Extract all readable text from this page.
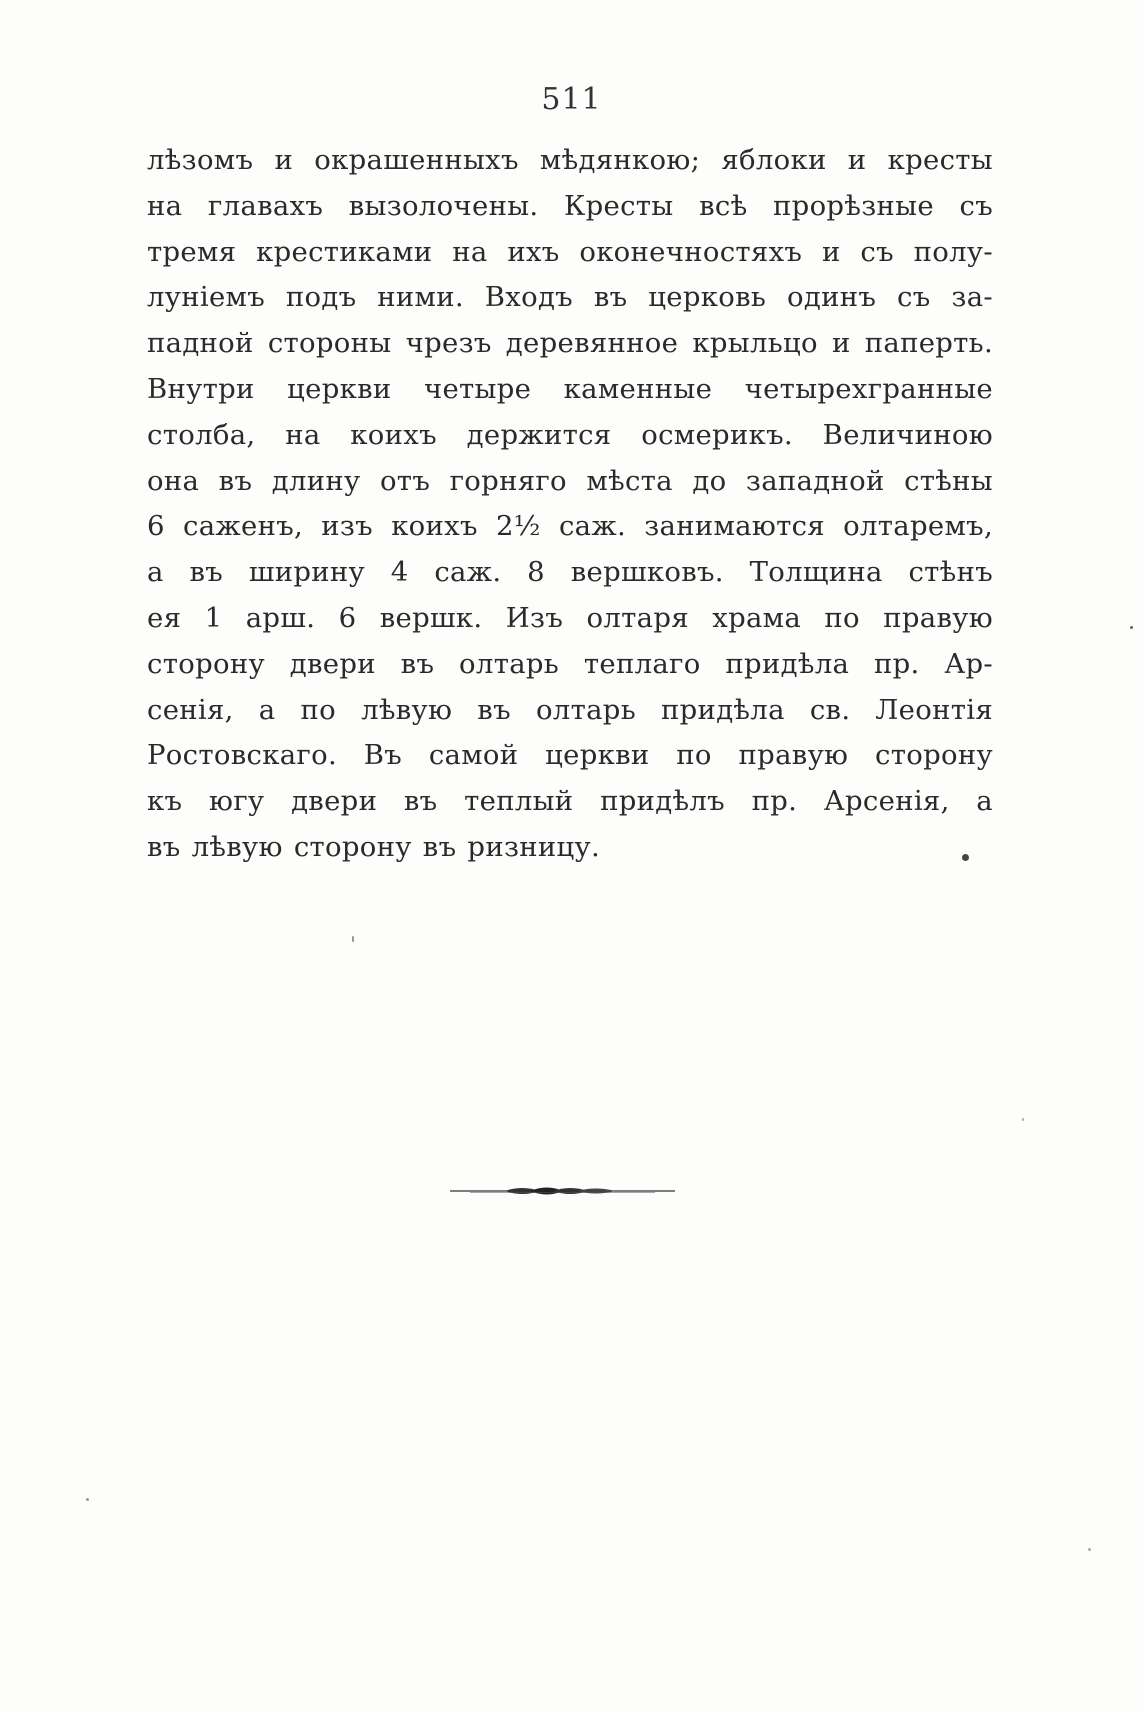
511
лѣзомъ и окрашенныхъ мѣдянкою; яблоки и кресты
на главахъ вызолочены. Кресты всѣ прорѣзные съ
тремя крестиками на ихъ оконечностяхъ и съ полу-
луніемъ подъ ними. Входъ въ церковь одинъ съ за-
падной стороны чрезъ деревянное крыльцо и паперть.
Внутри церкви четыре каменные четырехгранные
столба, на коихъ держится осмерикъ. Величиною
она въ длину отъ горняго мѣста до западной стѣны
6 саженъ, изъ коихъ 2½ саж. занимаются олтаремъ,
а въ ширину 4 саж. 8 вершковъ. Толщина стѣнъ
ея 1 арш. 6 вершк. Изъ олтаря храма по правую
сторону двери въ олтарь теплаго придѣла пр. Ар-
сенія, а по лѣвую въ олтарь придѣла св. Леонтія
Ростовскаго. Въ самой церкви по правую сторону
къ югу двери въ теплый придѣлъ пр. Арсенія, а
въ лѣвую сторону въ ризницу.
